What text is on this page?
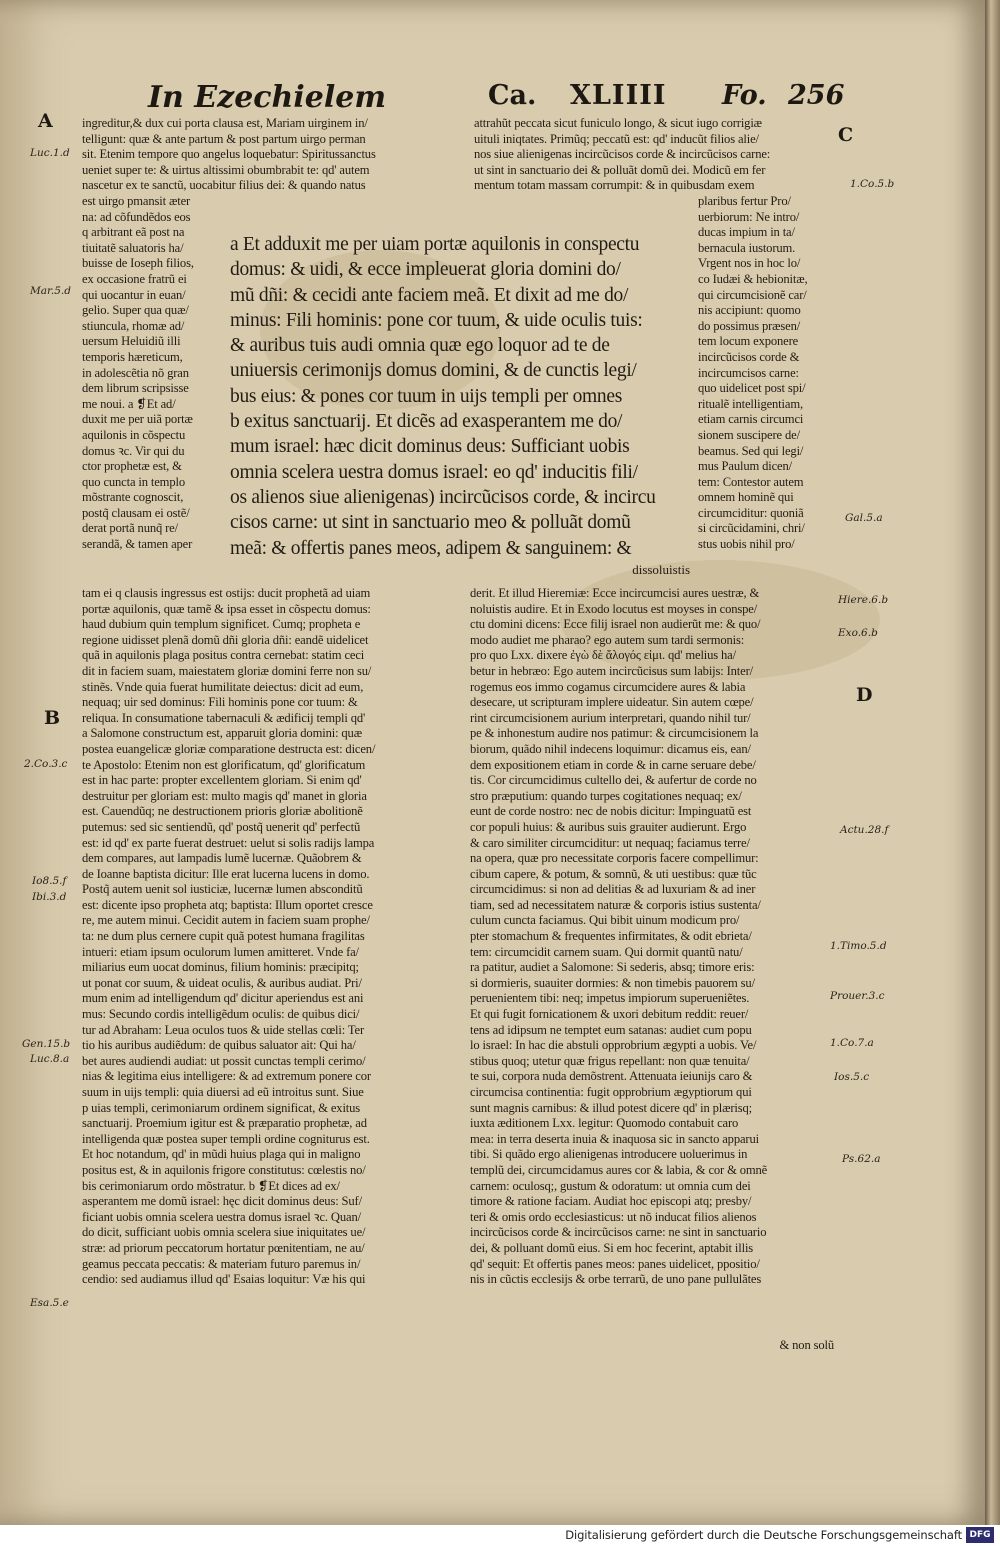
In Ezechielem	Ca. XLIIII Fo. 256
A
B
C
D
Luc.1.d
Mar.5.d
2.Co.3.c
Io8.5.f
Ibi.3.d
Gen.15.b
Luc.8.a
Esa.5.e
1.Co.5.b
Gal.5.a
Hiere.6.b
Exo.6.b
Actu.28.f
1.Timo.5.d
Prouer.3.c
1.Co.7.a
Ios.5.c
Ps.62.a
ingreditur,& dux cui porta clausa est, Mariam uirginem in/
telligunt: quæ & ante partum & post partum uirgo perman
sit. Etenim tempore quo angelus loquebatur: Spiritussanctus
ueniet super te: & uirtus altissimi obumbrabit te: qd' autem
nascetur ex te sanctũ, uocabitur filius dei: & quando natus
est uirgo pmansit æter
na: ad cõfundẽdos eos
q arbitrant eã post na
tiuitatẽ saluatoris ha/
buisse de Ioseph filios,
ex occasione fratrũ ei
qui uocantur in euan/
gelio. Super qua quæ/
stiuncula, rhomæ ad/
uersum Heluidiũ illi
temporis hæreticum,
in adolescẽtia nõ gran
dem librum scripsisse
me noui. a ❡Et ad/
duxit me per uiã portæ
aquilonis in cõspectu
domus ꝛc. Vir qui du
ctor prophetæ est, &
quo cuncta in templo
mõstrante cognoscit,
postq̃ clausam ei ostẽ/
derat portã nunq̃ re/
serandã, & tamen aper
a Et adduxit me per uiam portæ aquilonis in conspectu
domus: & uidi, & ecce impleuerat gloria domini do/
mũ dñi: & cecidi ante faciem meã. Et dixit ad me do/
minus: Fili hominis: pone cor tuum, & uide oculis tuis:
& auribus tuis audi omnia quæ ego loquor ad te de
uniuersis cerimonijs domus domini, & de cunctis legi/
bus eius: & pones cor tuum in uijs templi per omnes
b exitus sanctuarij. Et dicẽs ad exasperantem me do/
mum israel: hæc dicit dominus deus: Sufficiant uobis
omnia scelera uestra domus israel: eo qd' inducitis fili/
os alienos siue alienigenas) incircũcisos corde, & incircu
cisos carne: ut sint in sanctuario meo & polluãt domũ
meã: & offertis panes meos, adipem & sanguinem: &
dissoluistis
tam ei q clausis ingressus est ostijs: ducit prophetã ad uiam
portæ aquilonis, quæ tamẽ & ipsa esset in cõspectu domus:
haud dubium quin templum significet. Cumq; propheta e
regione uidisset plenã domũ dñi gloria dñi: eandẽ uidelicet
quã in aquilonis plaga positus contra cernebat: statim ceci
dit in faciem suam, maiestatem gloriæ domini ferre non su/
stinẽs. Vnde quia fuerat humilitate deiectus: dicit ad eum,
nequaq; uir sed dominus: Fili hominis pone cor tuum: &
reliqua. In consumatione tabernaculi & ædificij templi qd'
a Salomone constructum est, apparuit gloria domini: quæ
postea euangelicæ gloriæ comparatione destructa est: dicen/
te Apostolo: Etenim non est glorificatum, qd' glorificatum
est in hac parte: propter excellentem gloriam. Si enim qd'
destruitur per gloriam est: multo magis qd' manet in gloria
est. Cauendũq; ne destructionem prioris gloriæ abolitionẽ
putemus: sed sic sentiendũ, qd' postq̃ uenerit qd' perfectũ
est: id qd' ex parte fuerat destruet: uelut si solis radijs lampa
dem compares, aut lampadis lumẽ lucernæ. Quãobrem &
de Ioanne baptista dicitur: Ille erat lucerna lucens in domo.
Postq̃ autem uenit sol iusticiæ, lucernæ lumen absconditũ
est: dicente ipso propheta atq; baptista: Illum oportet cresce
re, me autem minui. Cecidit autem in faciem suam prophe/
ta: ne dum plus cernere cupit quã potest humana fragilitas
intueri: etiam ipsum oculorum lumen amitteret. Vnde fa/
miliarius eum uocat dominus, filium hominis: præcipitq;
ut ponat cor suum, & uideat oculis, & auribus audiat. Pri/
mum enim ad intelligendum qd' dicitur aperiendus est ani
mus: Secundo cordis intelligẽdum oculis: de quibus dici/
tur ad Abraham: Leua oculos tuos & uide stellas cœli: Ter
tio his auribus audiẽdum: de quibus saluator ait: Qui ha/
bet aures audiendi audiat: ut possit cunctas templi cerimo/
nias & legitima eius intelligere: & ad extremum ponere cor
suum in uijs templi: quia diuersi ad eũ introitus sunt. Siue
p uias templi, cerimoniarum ordinem significat, & exitus
sanctuarij. Proemium igitur est & præparatio prophetæ, ad
intelligenda quæ postea super templi ordine cogniturus est.
Et hoc notandum, qd' in mũdi huius plaga qui in maligno
positus est, & in aquilonis frigore constitutus: cœlestis no/
bis cerimoniarum ordo mõstratur. b ❡Et dices ad ex/
asperantem me domũ israel: hęc dicit dominus deus: Suf/
ficiant uobis omnia scelera uestra domus israel ꝛc. Quan/
do dicit, sufficiant uobis omnia scelera siue iniquitates ue/
stræ: ad priorum peccatorum hortatur pœnitentiam, ne au/
geamus peccata peccatis: & materiam futuro paremus in/
cendio: sed audiamus illud qd' Esaias loquitur: Væ his qui
attrahũt peccata sicut funiculo longo, & sicut iugo corrigiæ
uituli iniqtates. Primũq; peccatũ est: qd' inducũt filios alie/
nos siue alienigenas incircũcisos corde & incircũcisos carne:
ut sint in sanctuario dei & polluãt domũ dei. Modicũ em fer
mentum totam massam corrumpit: & in quibusdam exem
plaribus fertur Pro/
uerbiorum: Ne intro/
ducas impium in ta/
bernacula iustorum.
Vrgent nos in hoc lo/
co Iudæi & hebionitæ,
qui circumcisionẽ car/
nis accipiunt: quomo
do possimus præsen/
tem locum exponere
incircũcisos corde &
incircumcisos carne:
quo uidelicet post spi/
ritualẽ intelligentiam,
etiam carnis circumci
sionem suscipere de/
beamus. Sed qui legi/
mus Paulum dicen/
tem: Contestor autem
omnem hominẽ qui
circumciditur: quoniã
si circũcidamini, chri/
stus uobis nihil pro/
derit. Et illud Hieremiæ: Ecce incircumcisi aures uestræ, &
noluistis audire. Et in Exodo locutus est moyses in conspe/
ctu domini dicens: Ecce filij israel non audierũt me: & quo/
modo audiet me pharao? ego autem sum tardi sermonis:
pro quo Lxx. dixere ἐγὼ δὲ ἄλογός εἰμι. qd' melius ha/
betur in hebræo: Ego autem incircũcisus sum labijs: Inter/
rogemus eos immo cogamus circumcidere aures & labia
desecare, ut scripturam implere uideatur. Sin autem cœpe/
rint circumcisionem aurium interpretari, quando nihil tur/
pe & inhonestum audire nos patimur: & circumcisionem la
biorum, quãdo nihil indecens loquimur: dicamus eis, ean/
dem expositionem etiam in corde & in carne seruare debe/
tis. Cor circumcidimus cultello dei, & aufertur de corde no
stro præputium: quando turpes cogitationes nequaq; ex/
eunt de corde nostro: nec de nobis dicitur: Impinguatũ est
cor populi huius: & auribus suis grauiter audierunt. Ergo
& caro similiter circumciditur: ut nequaq; faciamus terre/
na opera, quæ pro necessitate corporis facere compellimur:
cibum capere, & potum, & somnũ, & uti uestibus: quæ tũc
circumcidimus: si non ad delitias & ad luxuriam & ad iner
tiam, sed ad necessitatem naturæ & corporis istius sustenta/
culum cuncta faciamus. Qui bibit uinum modicum pro/
pter stomachum & frequentes infirmitates, & odit ebrieta/
tem: circumcidit carnem suam. Qui dormit quantũ natu/
ra patitur, audiet a Salomone: Si sederis, absq; timore eris:
si dormieris, suauiter dormies: & non timebis pauorem su/
peruenientem tibi: neq; impetus impiorum superueniẽtes.
Et qui fugit fornicationem & uxori debitum reddit: reuer/
tens ad idipsum ne temptet eum satanas: audiet cum popu
lo israel: In hac die abstuli opprobrium ægypti a uobis. Ve/
stibus quoq; utetur quæ frigus repellant: non quæ tenuita/
te sui, corpora nuda demõstrent. Attenuata ieiunijs caro &
circumcisa continentia: fugit opprobrium ægyptiorum qui
sunt magnis carnibus: & illud potest dicere qd' in plærisq;
iuxta æditionem Lxx. legitur: Quomodo contabuit caro
mea: in terra deserta inuia & inaquosa sic in sancto apparui
tibi. Si quãdo ergo alienigenas introducere uoluerimus in
templũ dei, circumcidamus aures cor & labia, & cor & omnẽ
carnem: oculosq;, gustum & odoratum: ut omnia cum dei
timore & ratione faciam. Audiat hoc episcopi atq; presby/
teri & omis ordo ecclesiasticus: ut nõ inducat filios alienos
incircũcisos corde & incircũcisos carne: ne sint in sanctuario
dei, & polluant domũ eius. Si em hoc fecerint, aptabit illis
qd' sequit: Et offertis panes meos: panes uidelicet, ppositio/
nis in cũctis ecclesijs & orbe terrarũ, de uno pane pullulãtes
& non solũ
Digitalisierung gefördert durch die Deutsche Forschungsgemeinschaft DFG
